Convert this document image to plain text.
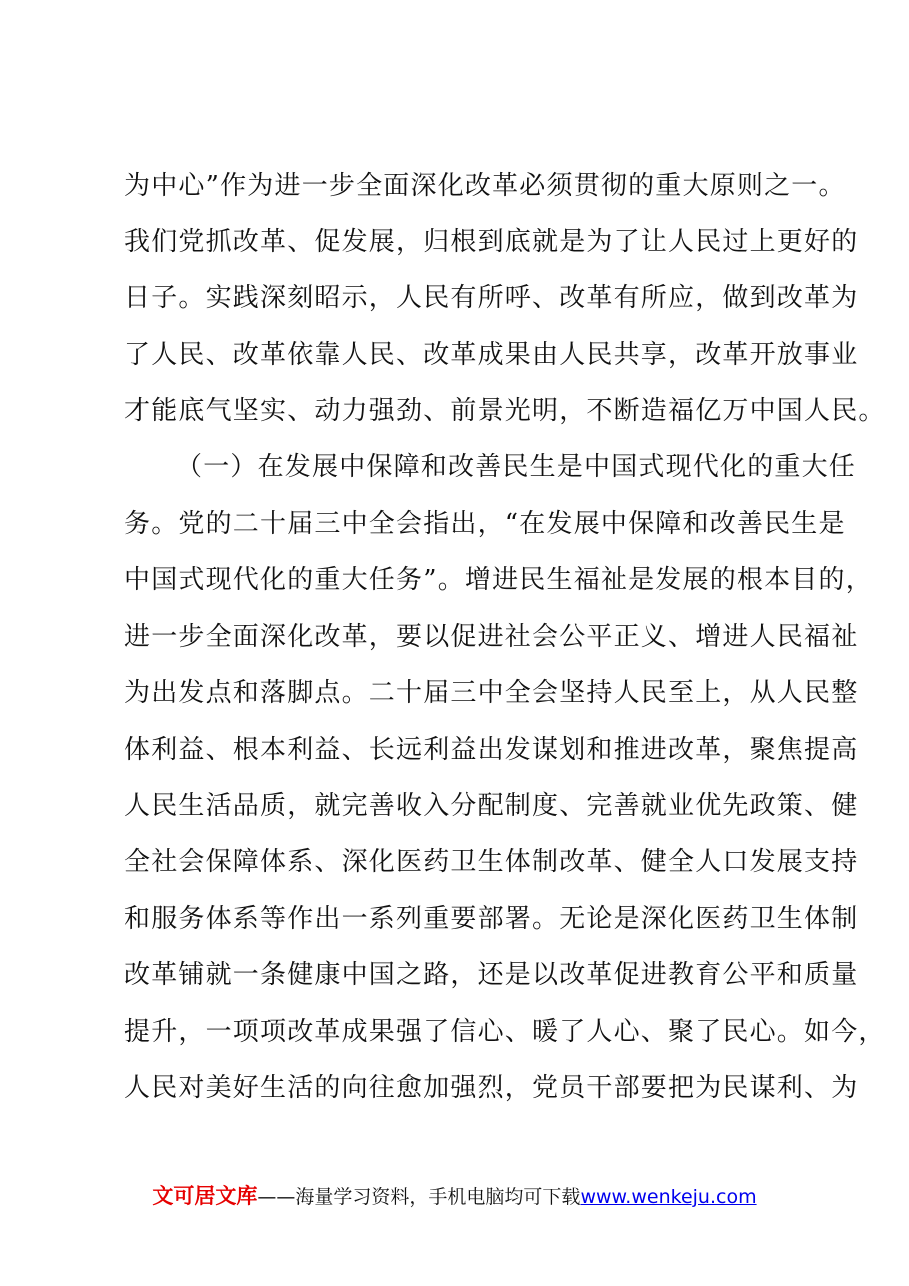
为中心”作为进一步全面深化改革必须贯彻的重大原则之一。
我们党抓改革、促发展，归根到底就是为了让人民过上更好的
日子。实践深刻昭示，人民有所呼、改革有所应，做到改革为
了人民、改革依靠人民、改革成果由人民共享，改革开放事业
才能底气坚实、动力强劲、前景光明，不断造福亿万中国人民。
（一）在发展中保障和改善民生是中国式现代化的重大任
务。党的二十届三中全会指出，“在发展中保障和改善民生是
中国式现代化的重大任务”。增进民生福祉是发展的根本目的，
进一步全面深化改革，要以促进社会公平正义、增进人民福祉
为出发点和落脚点。二十届三中全会坚持人民至上，从人民整
体利益、根本利益、长远利益出发谋划和推进改革，聚焦提高
人民生活品质，就完善收入分配制度、完善就业优先政策、健
全社会保障体系、深化医药卫生体制改革、健全人口发展支持
和服务体系等作出一系列重要部署。无论是深化医药卫生体制
改革铺就一条健康中国之路，还是以改革促进教育公平和质量
提升，一项项改革成果强了信心、暖了人心、聚了民心。如今，
人民对美好生活的向往愈加强烈，党员干部要把为民谋利、为
文可居文库——海量学习资料，手机电脑均可下载www.wenkeju.com
